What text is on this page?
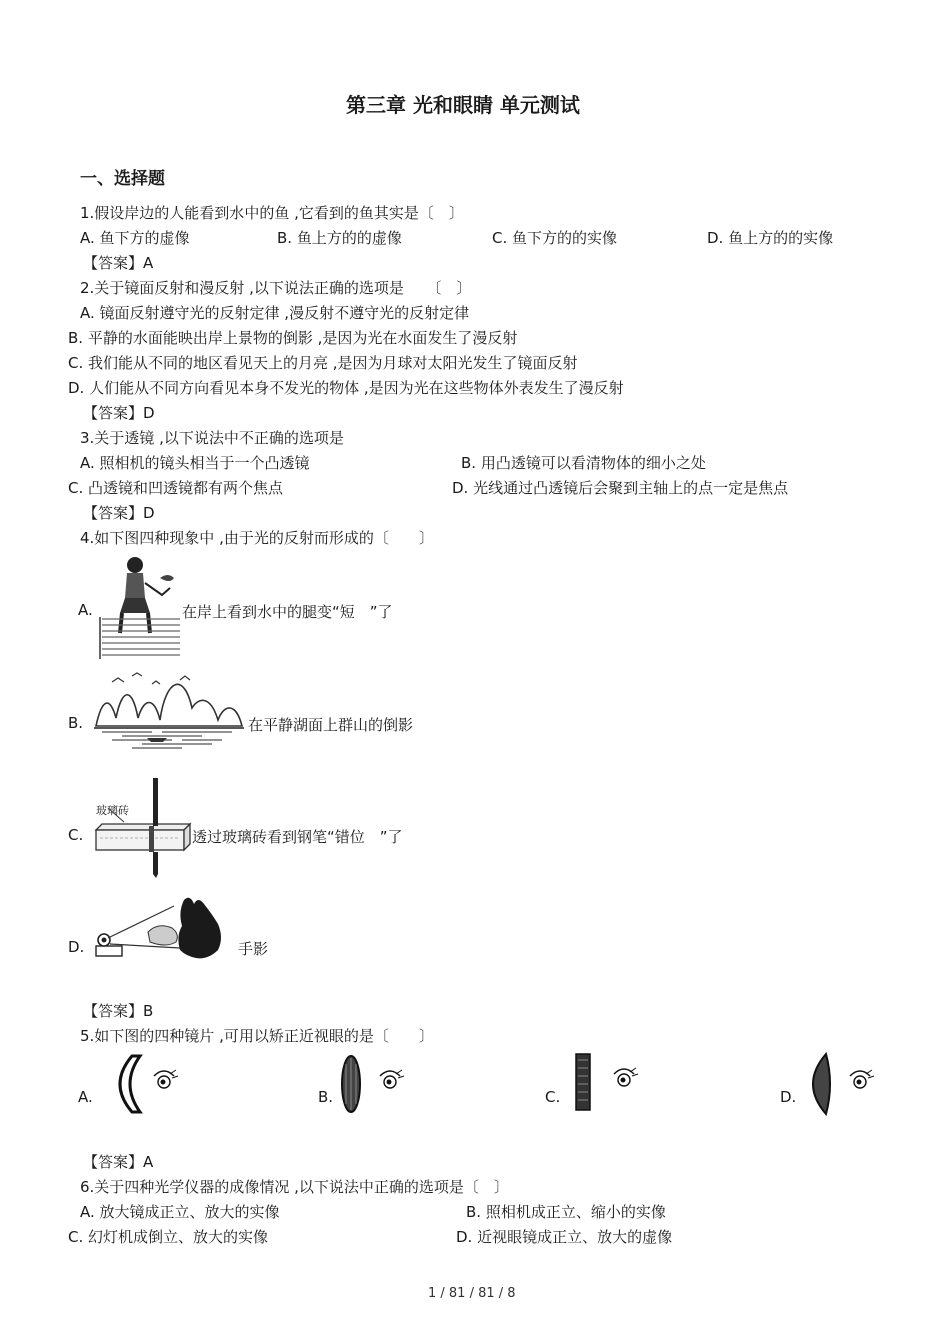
第三章 光和眼睛 单元测试
一、选择题
1.假设岸边的人能看到水中的鱼 ,它看到的鱼其实是〔　〕
A. 鱼下方的虚像	B. 鱼上方的的虚像	C. 鱼下方的的实像	D. 鱼上方的的实像
【答案】A
2.关于镜面反射和漫反射 ,以下说法正确的选项是　　〔　〕
A. 镜面反射遵守光的反射定律 ,漫反射不遵守光的反射定律
B. 平静的水面能映出岸上景物的倒影 ,是因为光在水面发生了漫反射
C. 我们能从不同的地区看见天上的月亮 ,是因为月球对太阳光发生了镜面反射
D. 人们能从不同方向看见本身不发光的物体 ,是因为光在这些物体外表发生了漫反射
【答案】D
3.关于透镜 ,以下说法中不正确的选项是
A. 照相机的镜头相当于一个凸透镜	B. 用凸透镜可以看清物体的细小之处
C. 凸透镜和凹透镜都有两个焦点	D. 光线通过凸透镜后会聚到主轴上的点一定是焦点
【答案】D
4.如下图四种现象中 ,由于光的反射而形成的〔　　〕
A.	在岸上看到水中的腿变“短　”了
B.	在平静湖面上群山的倒影
C.
玻璃砖
透过玻璃砖看到钢笔“错位　”了
D.	手影
【答案】B
5.如下图的四种镜片 ,可用以矫正近视眼的是〔　　〕
A.	B.	C.	D.
【答案】A
6.关于四种光学仪器的成像情况 ,以下说法中正确的选项是〔　〕
A. 放大镜成正立、放大的实像	B. 照相机成正立、缩小的实像
C. 幻灯机成倒立、放大的实像	D. 近视眼镜成正立、放大的虚像
1 / 81 / 81 / 8
